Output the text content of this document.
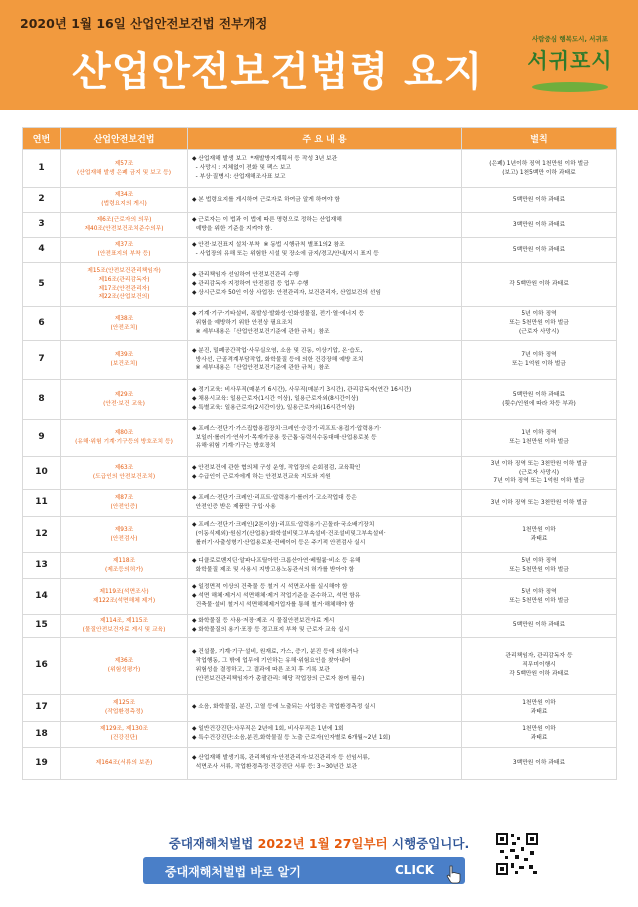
2020년 1월 16일 산업안전보건법 전부개정
산업안전보건법령 요지
사람중심 행복도시, 서귀포
서귀포시
연번	산업안전보건법	주 요 내 용	벌칙
1	제57조
(산업재해 발생 은폐 금지 및 보고 등)	◆ 산업재해 발생 보고  *재발방지계획서 등 작성 3년 보관
- 사망시 : 지체없이 전화 및 팩스 보고
- 부상·질병시: 산업재해조사표 보고	(은폐) 1년이하 징역 1천만원 이하 벌금
(보고) 1천5백만 이하 과태료

2	제34조
(법령요지의 게시)	◆ 본 법령요지를 게시하여 근로자로 하여금 알게 하여야 함	5백만원 이하 과태료

3	제6조(근로자의 의무)
제40조(안전보건조치준수의무)	◆ 근로자는 이 법과 이 법에 따른 명령으로 정하는 산업재해
예방을 위한 기준을 지켜야 함.	3백만원 이하 과태료

4	제37조
(안전표지의 부착 등)	◆ 안전·보건표지 설치·부착  ※ 동법 시행규칙 별표1의2 참조
- 사업장의 유해 또는 위험한 시설 및 장소에 금지/경고/안내/지시 표지 등	5백만원 이하 과태료

5	제15조(안전보건관리책임자)
제16조(관리감독자)
제17조(안전관리자)
제22조(산업보건의)	◆ 관리책임자 선임하여 안전보건관리 수행
◆ 관리감독자 지정하여 안전점검 등 업무 수행
◆ 상시근로자 50인 이상 사업장: 안전관리자, 보건관리자, 산업보건의 선임	각 5백만원 이하 과태료

6	제38조
(안전조치)	◆ 기계·기구·기타설비, 폭발성·발화성·인화성물질, 전기·열·에너지 등
위험을 예방하기 위한 안전상 필요조치
※ 세부내용은「산업안전보건기준에 관한 규칙」참조	5년 이하 징역
또는 5천만원 이하 벌금
(근로자 사망시)

7	제39조
(보건조치)	◆ 분진, 밀폐공간작업·사무실오염, 소음 및 진동, 이상기압, 온·습도,
방사선, 근골격계부담작업, 화학물질 등에 의한 건강장해 예방 조치
※ 세부내용은「산업안전보건기준에 관한 규칙」참조	7년 이하 징역
또는 1억원 이하 벌금

8	제29조
(안전·보건 교육)	◆ 정기교육: 비사무직(매분기 6시간), 사무직(매분기 3시간), 관리감독자(연간 16시간)
◆ 채용시교육: 일용근로자(1시간 이상), 일용근로자외(8시간이상)
◆ 특별교육: 일용근로자(2시간이상), 일용근로자외(16시간이상)	5백만원 이하 과태료
(횟수/인원에 따라 차등 부과)

9	제80조
(유해·위험 기계·기구등의 방호조치 등)	◆ 프레스·전단기·가스집합용접장치·크레인·승강기·리프트·용접기·압력용기·
보일러·롤러기·연삭기·목재가공용 둥근톱·동력식수동대패·산업용로봇 등
유해·위험 기계·기구는 방호장치	1년 이하 징역
또는 1천만원 이하 벌금

10	제63조
(도급인의 안전보건조치)	◆ 안전보건에 관한 협의체 구성 운영, 작업장의 순회점검, 교육확인
◆ 수급인이 근로자에게 하는 안전보건교육 지도와 지원	3년 이하 징역 또는 3천만원 이하 벌금
(근로자 사망시)
7년 이하 징역 또는 1억원 이하 벌금

11	제87조
(안전인증)	◆ 프레스·전단기·크레인·리프트·압력용기·롤러기·고소작업대 등은
안전인증 받은 제품만 구입·사용	3년 이하 징역 또는 3천만원 이하 벌금

12	제93조
(안전검사)	◆ 프레스·전단기·크레인(2톤이상)·리프트·압력용기·곤돌라·국소배기장치
(이동식제외)·원심기(산업용)·화학설비및그부속설비·건조설비및그부속설비·
롤러기·사출성형기·산업용로봇·컨베이어 등은 주기적 안전검사 실시	1천만원 이하
과태료

13	제118조
(제조등의허가)	◆ 디클로로벤지딘·알파나프틸아민·크롬산아연·베릴륨·비소 등 유해
화학물질 제조 및 사용시 지방고용노동관서의 허가를 받아야 함	5년 이하 징역
또는 5천만원 이하 벌금

14	제119조(석면조사)
제122조(석면해체 제거)	◆ 일정면적 이상의 건축물 등 철거 시 석면조사를 실시해야 함
◆ 석면 해체·제거시 석면해체·제거 작업기준을 준수하고, 석면 함유
건축물·설비 철거시 석면해체제거업자를 통해 철거·해체해야 함	5년 이하 징역
또는 5천만원 이하 벌금

15	제114조, 제115조
(물질안전보건자료 게시 및 교육)	◆ 화학물질 등 사용·저장·제조 시 물질안전보건자료 게시
◆ 화학물질의 용기·포장 등 경고표지 부착 및 근로자 교육 실시	5백만원 이하 과태료

16	제36조
(위험성평가)	◆ 건설물, 기계·기구·설비, 원재료, 가스, 증기, 분진 등에 의하거나
작업행동, 그 밖에 업무에 기인하는 유해·위험요인을 찾아내어
위험성을 결정하고, 그 결과에 따른 조치 후 기록 보관
(안전보건관리책임자가 총괄관리: 해당 작업장의 근로자 참여 필수)	관리책임자, 관리감독자 등
직무미이행시
각 5백만원 이하 과태료

17	제125조
(작업환경측정)	◆ 소음, 화학물질, 분진, 고열 등에 노출되는 사업장은 작업환경측정 실시	1천만원 이하
과태료

18	제129조, 제130조
(건강진단)	◆ 일반건강진단:사무직은 2년에 1회, 비사무직은 1년에 1회
◆ 특수건강진단:소음,분진,화학물질 등 노출 근로자(인자별로 6개월~2년 1회)	1천만원 이하
과태료

19	제164조(서류의 보존)	◆ 산업재해 발생기록, 관리책임자·안전관리자·보건관리자 등 선임서류,
석면조사 서류, 작업환경측정·건강진단 서류 등: 3~30년간 보관	3백만원 이하 과태료
중대재해처벌법 2022년 1월 27일부터 시행중입니다.
중대재해처벌법 바로 알기	CLICK
